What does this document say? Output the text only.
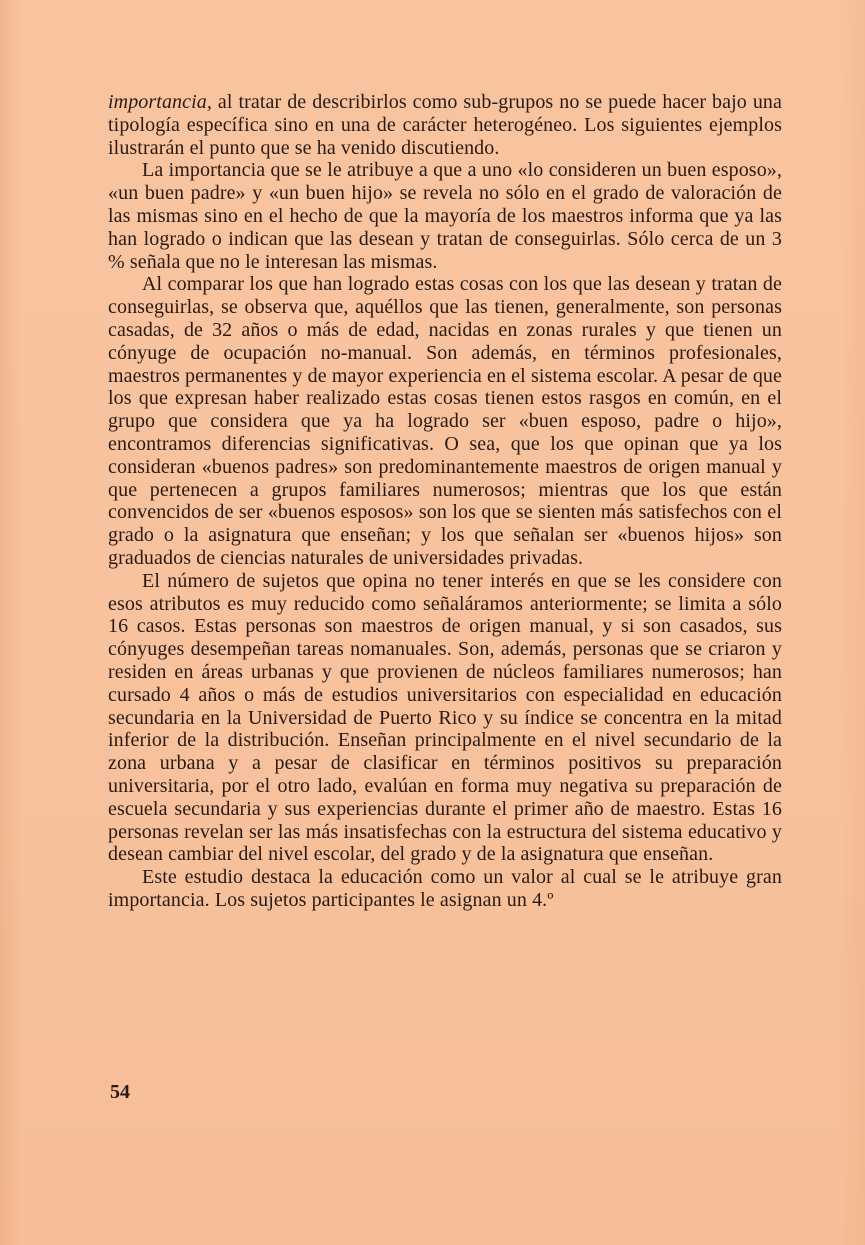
importancia, al tratar de describirlos como sub-grupos no se puede hacer bajo una tipología específica sino en una de carácter heterogéneo. Los siguientes ejemplos ilustrarán el punto que se ha venido discutiendo.

La importancia que se le atribuye a que a uno «lo consideren un buen esposo», «un buen padre» y «un buen hijo» se revela no sólo en el grado de valoración de las mismas sino en el hecho de que la mayoría de los maestros informa que ya las han logrado o indican que las desean y tratan de conseguirlas. Sólo cerca de un 3 % señala que no le interesan las mismas.

Al comparar los que han logrado estas cosas con los que las desean y tratan de conseguirlas, se observa que, aquéllos que las tienen, generalmente, son personas casadas, de 32 años o más de edad, nacidas en zonas rurales y que tienen un cónyuge de ocupación no-manual. Son además, en términos profesionales, maestros permanentes y de mayor experiencia en el sistema escolar. A pesar de que los que expresan haber realizado estas cosas tienen estos rasgos en común, en el grupo que considera que ya ha logrado ser «buen esposo, padre o hijo», encontramos diferencias significativas. O sea, que los que opinan que ya los consideran «buenos padres» son predominantemente maestros de origen manual y que pertenecen a grupos familiares numerosos; mientras que los que están convencidos de ser «buenos esposos» son los que se sienten más satisfechos con el grado o la asignatura que enseñan; y los que señalan ser «buenos hijos» son graduados de ciencias naturales de universidades privadas.

El número de sujetos que opina no tener interés en que se les considere con esos atributos es muy reducido como señaláramos anteriormente; se limita a sólo 16 casos. Estas personas son maestros de origen manual, y si son casados, sus cónyuges desempeñan tareas nomanuales. Son, además, personas que se criaron y residen en áreas urbanas y que provienen de núcleos familiares numerosos; han cursado 4 años o más de estudios universitarios con especialidad en educación secundaria en la Universidad de Puerto Rico y su índice se concentra en la mitad inferior de la distribución. Enseñan principalmente en el nivel secundario de la zona urbana y a pesar de clasificar en términos positivos su preparación universitaria, por el otro lado, evalúan en forma muy negativa su preparación de escuela secundaria y sus experiencias durante el primer año de maestro. Estas 16 personas revelan ser las más insatisfechas con la estructura del sistema educativo y desean cambiar del nivel escolar, del grado y de la asignatura que enseñan.

Este estudio destaca la educación como un valor al cual se le atribuye gran importancia. Los sujetos participantes le asignan un 4.º

54
